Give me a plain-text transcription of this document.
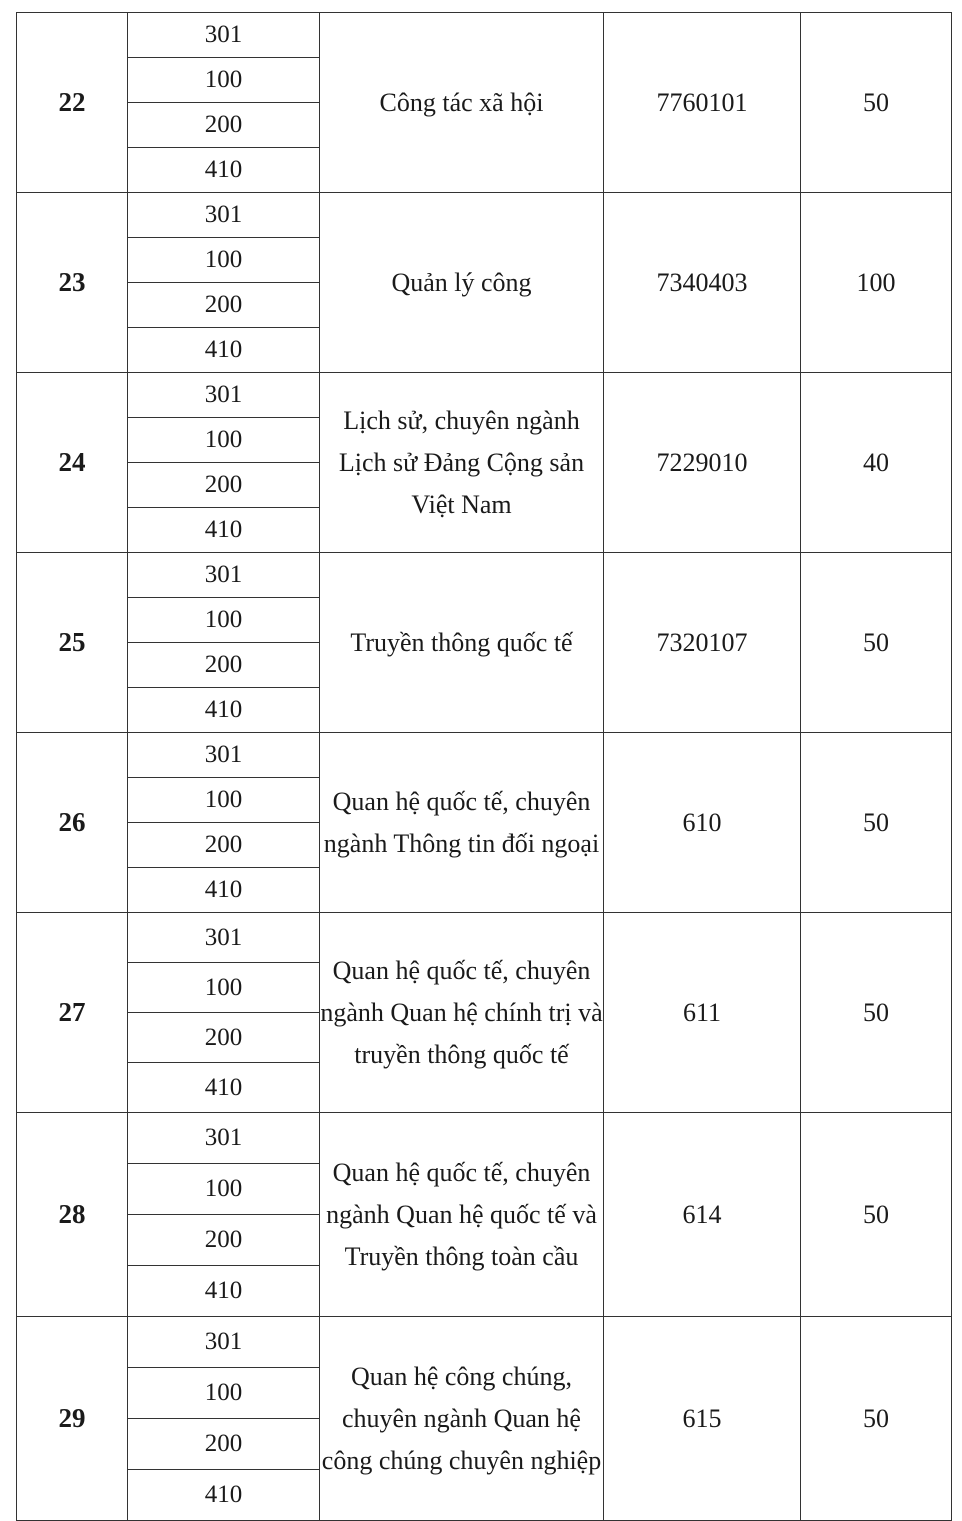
22	301	Công tác xã hội	7760101	50
	100			
	200			
	410			
23	301	Quản lý công	7340403	100
	100			
	200			
	410			
24	301	Lịch sử, chuyên ngành Lịch sử Đảng Cộng sản Việt Nam	7229010	40
	100			
	200			
	410			
25	301	Truyền thông quốc tế	7320107	50
	100			
	200			
	410			
26	301	Quan hệ quốc tế, chuyên ngành Thông tin đối ngoại	610	50
	100			
	200			
	410			
27	301	Quan hệ quốc tế, chuyên ngành Quan hệ chính trị và truyền thông quốc tế	611	50
	100			
	200			
	410			
28	301	Quan hệ quốc tế, chuyên ngành Quan hệ quốc tế và Truyền thông toàn cầu	614	50
	100			
	200			
	410			
29	301	Quan hệ công chúng, chuyên ngành Quan hệ công chúng chuyên nghiệp	615	50
	100			
	200			
	410			
